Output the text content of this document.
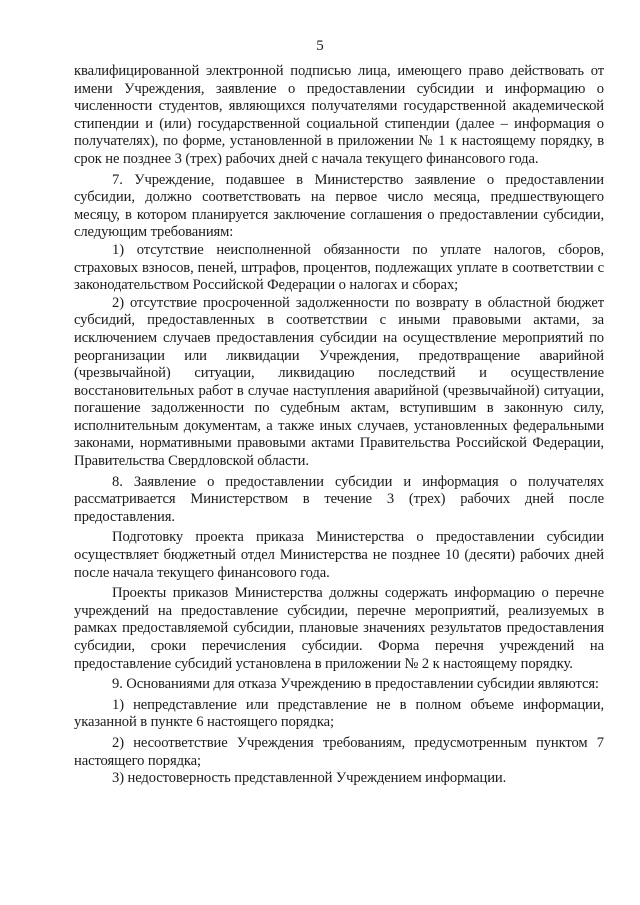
5

квалифицированной электронной подписью лица, имеющего право действовать от имени Учреждения, заявление о предоставлении субсидии и информацию о численности студентов, являющихся получателями государственной академической стипендии и (или) государственной социальной стипендии (далее – информация о получателях), по форме, установленной в приложении № 1 к настоящему порядку, в срок не позднее 3 (трех) рабочих дней с начала текущего финансового года.

7. Учреждение, подавшее в Министерство заявление о предоставлении субсидии, должно соответствовать на первое число месяца, предшествующего месяцу, в котором планируется заключение соглашения о предоставлении субсидии, следующим требованиям:

1) отсутствие неисполненной обязанности по уплате налогов, сборов, страховых взносов, пеней, штрафов, процентов, подлежащих уплате в соответствии с законодательством Российской Федерации о налогах и сборах;

2) отсутствие просроченной задолженности по возврату в областной бюджет субсидий, предоставленных в соответствии с иными правовыми актами, за исключением случаев предоставления субсидии на осуществление мероприятий по реорганизации или ликвидации Учреждения, предотвращение аварийной (чрезвычайной) ситуации, ликвидацию последствий и осуществление восстановительных работ в случае наступления аварийной (чрезвычайной) ситуации, погашение задолженности по судебным актам, вступившим в законную силу, исполнительным документам, а также иных случаев, установленных федеральными законами, нормативными правовыми актами Правительства Российской Федерации, Правительства Свердловской области.

8. Заявление о предоставлении субсидии и информация о получателях рассматривается Министерством в течение 3 (трех) рабочих дней после предоставления.

Подготовку проекта приказа Министерства о предоставлении субсидии осуществляет бюджетный отдел Министерства не позднее 10 (десяти) рабочих дней после начала текущего финансового года.

Проекты приказов Министерства должны содержать информацию о перечне учреждений на предоставление субсидии, перечне мероприятий, реализуемых в рамках предоставляемой субсидии, плановые значениях результатов предоставления субсидии, сроки перечисления субсидии. Форма перечня учреждений на предоставление субсидий установлена в приложении № 2 к настоящему порядку.

9. Основаниями для отказа Учреждению в предоставлении субсидии являются:

1) непредставление или представление не в полном объеме информации, указанной в пункте 6 настоящего порядка;

2) несоответствие Учреждения требованиям, предусмотренным пунктом 7 настоящего порядка;

3) недостоверность представленной Учреждением информации.
